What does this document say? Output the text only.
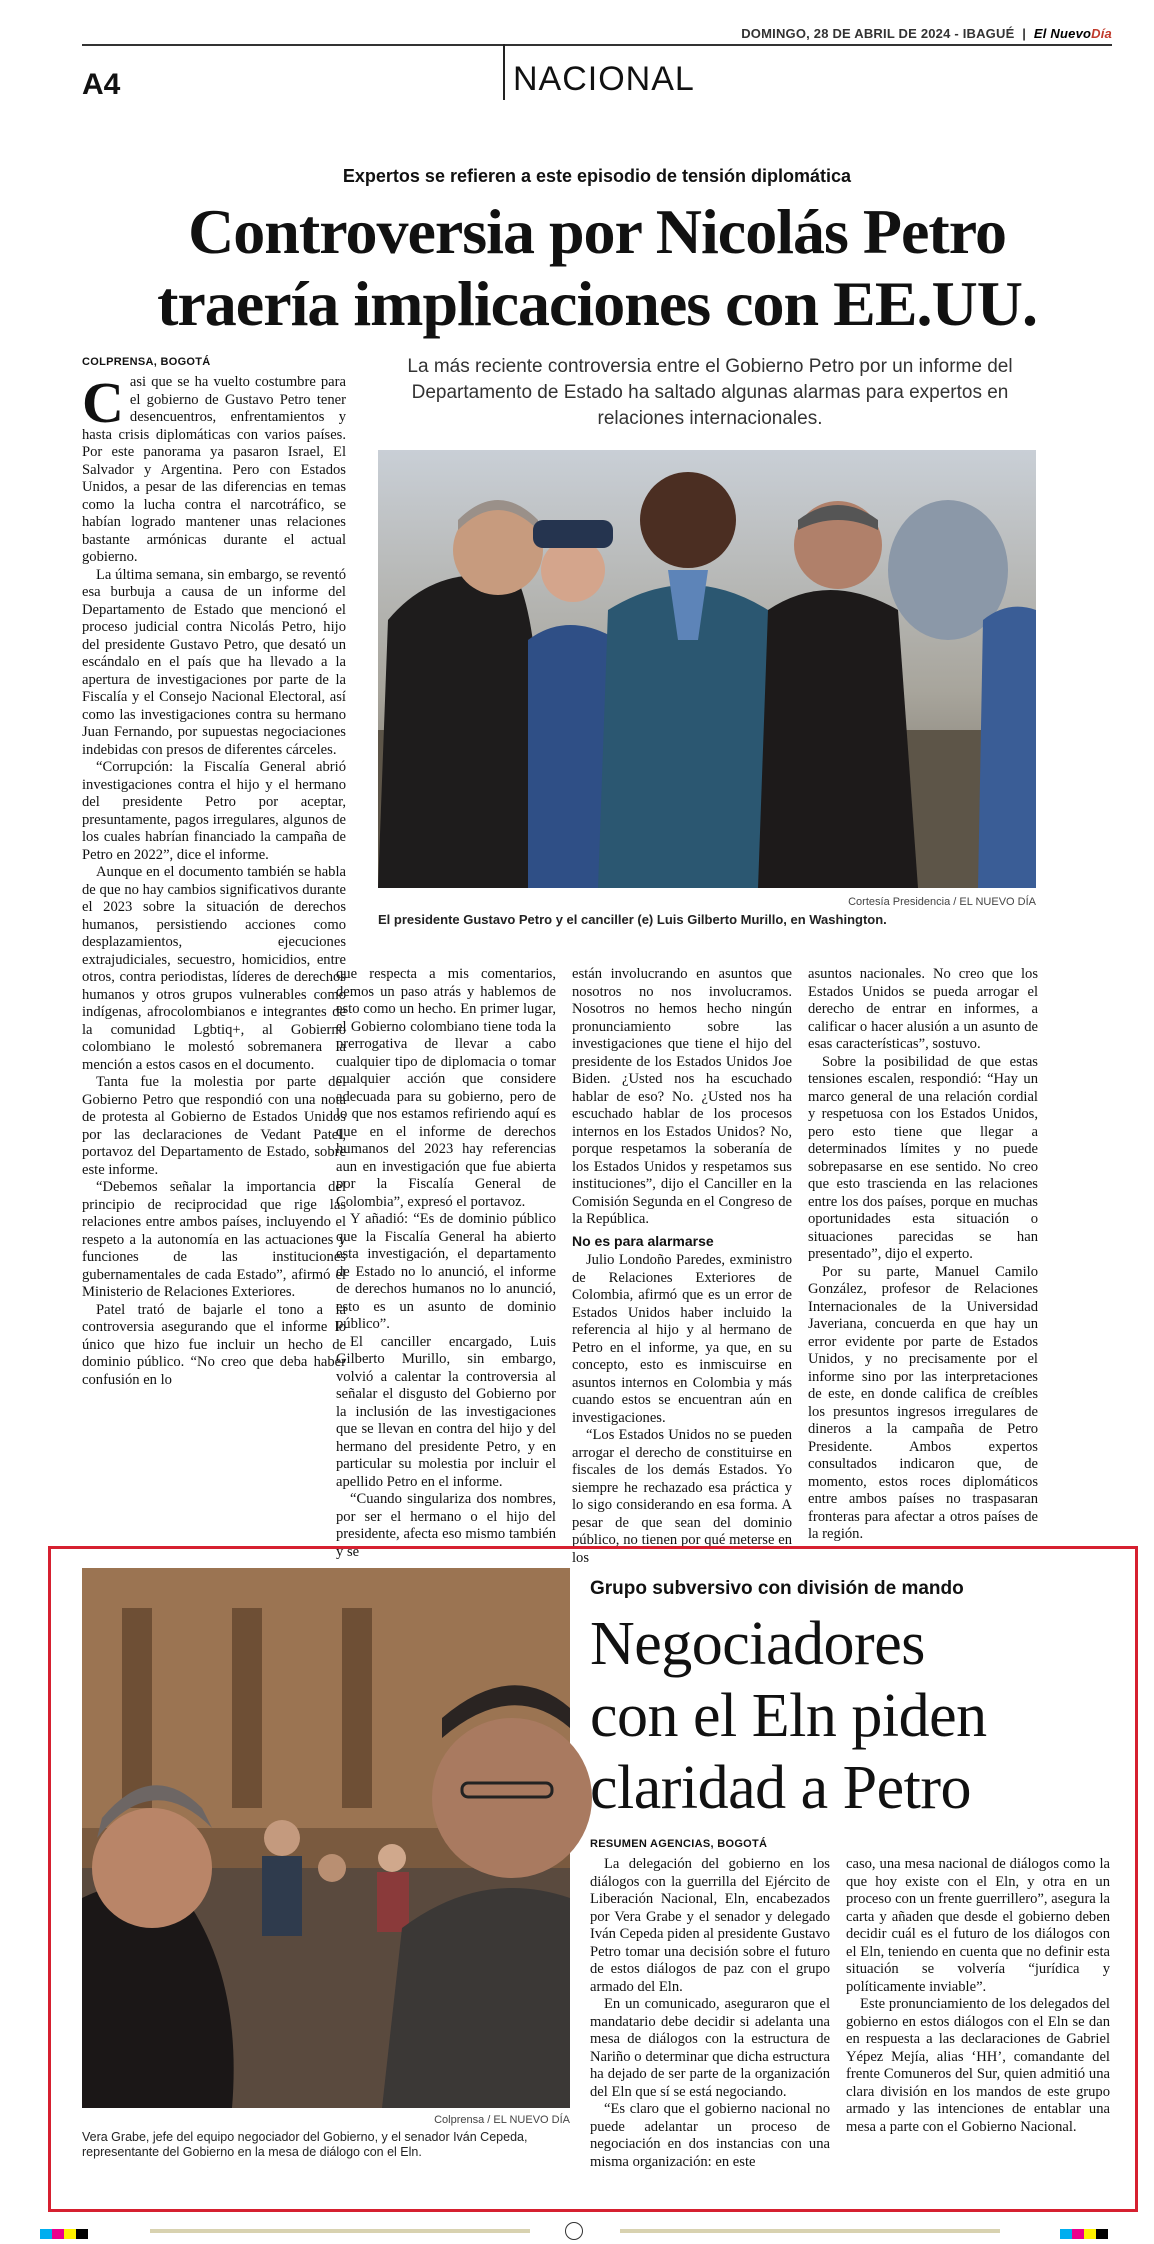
DOMINGO, 28 DE ABRIL DE 2024 - IBAGUÉ | El NuevoDía
A4	NACIONAL
Expertos se refieren a este episodio de tensión diplomática
Controversia por Nicolás Petro
traería implicaciones con EE.UU.
COLPRENSA, BOGOTÁ
C asi que se ha vuelto costumbre para el gobierno de Gustavo Petro tener desencuentros, enfrentamientos y hasta crisis diplomáticas con varios países. Por este panorama ya pasaron Israel, El Salvador y Argentina. Pero con Estados Unidos, a pesar de las diferencias en temas como la lucha contra el narcotráfico, se habían logrado mantener unas relaciones bastante armónicas durante el actual gobierno.

La última semana, sin embargo, se reventó esa burbuja a causa de un informe del Departamento de Estado que mencionó el proceso judicial contra Nicolás Petro, hijo del presidente Gustavo Petro, que desató un escándalo en el país que ha llevado a la apertura de investigaciones por parte de la Fiscalía y el Consejo Nacional Electoral, así como las investigaciones contra su hermano Juan Fernando, por supuestas negociaciones indebidas con presos de diferentes cárceles.

“Corrupción: la Fiscalía General abrió investigaciones contra el hijo y el hermano del presidente Petro por aceptar, presuntamente, pagos irregulares, algunos de los cuales habrían financiado la campaña de Petro en 2022”, dice el informe.

Aunque en el documento también se habla de que no hay cambios significativos durante el 2023 sobre la situación de derechos humanos, persistiendo acciones como desplazamientos, ejecuciones extrajudiciales, secuestro, homicidios, entre otros, contra periodistas, líderes de derechos humanos y otros grupos vulnerables como indígenas, afrocolombianos e integrantes de la comunidad Lgbtiq+, al Gobierno colombiano le molestó sobremanera la mención a estos casos en el documento.

Tanta fue la molestia por parte del Gobierno Petro que respondió con una nota de protesta al Gobierno de Estados Unidos por las declaraciones de Vedant Patel, portavoz del Departamento de Estado, sobre este informe.

“Debemos señalar la importancia del principio de reciprocidad que rige las relaciones entre ambos países, incluyendo el respeto a la autonomía en las actuaciones y funciones de las instituciones gubernamentales de cada Estado”, afirmó el Ministerio de Relaciones Exteriores.

Patel trató de bajarle el tono a la controversia asegurando que el informe lo único que hizo fue incluir un hecho de dominio público. “No creo que deba haber confusión en lo

La más reciente controversia entre el Gobierno Petro por un informe del Departamento de Estado ha saltado algunas alarmas para expertos en relaciones internacionales.
Cortesía Presidencia / EL NUEVO DÍA
El presidente Gustavo Petro y el canciller (e) Luis Gilberto Murillo, en Washington.

que respecta a mis comentarios, demos un paso atrás y hablemos de esto como un hecho. En primer lugar, el Gobierno colombiano tiene toda la prerrogativa de llevar a cabo cualquier tipo de diplomacia o tomar cualquier acción que considere adecuada para su gobierno, pero de lo que nos estamos refiriendo aquí es que en el informe de derechos humanos del 2023 hay referencias aun en investigación que fue abierta por la Fiscalía General de Colombia”, expresó el portavoz.

Y añadió: “Es de dominio público que la Fiscalía General ha abierto esta investigación, el departamento de Estado no lo anunció, el informe de derechos humanos no lo anunció, esto es un asunto de dominio público”.

El canciller encargado, Luis Gilberto Murillo, sin embargo, volvió a calentar la controversia al señalar el disgusto del Gobierno por la inclusión de las investigaciones que se llevan en contra del hijo y del hermano del presidente Petro, y en particular su molestia por incluir el apellido Petro en el informe.

“Cuando singulariza dos nombres, por ser el hermano o el hijo del presidente, afecta eso mismo también y se

están involucrando en asuntos que nosotros no nos involucramos. Nosotros no hemos hecho ningún pronunciamiento sobre las investigaciones que tiene el hijo del presidente de los Estados Unidos Joe Biden. ¿Usted nos ha escuchado hablar de eso? No. ¿Usted nos ha escuchado hablar de los procesos internos en los Estados Unidos? No, porque respetamos la soberanía de los Estados Unidos y respetamos sus instituciones”, dijo el Canciller en la Comisión Segunda en el Congreso de la República.

No es para alarmarse

Julio Londoño Paredes, exministro de Relaciones Exteriores de Colombia, afirmó que es un error de Estados Unidos haber incluido la referencia al hijo y al hermano de Petro en el informe, ya que, en su concepto, esto es inmiscuirse en asuntos internos en Colombia y más cuando estos se encuentran aún en investigaciones.

“Los Estados Unidos no se pueden arrogar el derecho de constituirse en fiscales de los demás Estados. Yo siempre he rechazado esa práctica y lo sigo considerando en esa forma. A pesar de que sean del dominio público, no tienen por qué meterse en los

asuntos nacionales. No creo que los Estados Unidos se pueda arrogar el derecho de entrar en informes, a calificar o hacer alusión a un asunto de esas características”, sostuvo.

Sobre la posibilidad de que estas tensiones escalen, respondió: “Hay un marco general de una relación cordial y respetuosa con los Estados Unidos, pero esto tiene que llegar a determinados límites y no puede sobrepasarse en ese sentido. No creo que esto trascienda en las relaciones entre los dos países, porque en muchas oportunidades esta situación o situaciones parecidas se han presentado”, dijo el experto.

Por su parte, Manuel Camilo González, profesor de Relaciones Internacionales de la Universidad Javeriana, concuerda en que hay un error evidente por parte de Estados Unidos, y no precisamente por el informe sino por las interpretaciones de este, en donde califica de creíbles los presuntos ingresos irregulares de dineros a la campaña de Petro Presidente. Ambos expertos consultados indicaron que, de momento, estos roces diplomáticos entre ambos países no traspasaran fronteras para afectar a otros países de la región.

Colprensa / EL NUEVO DÍA
Vera Grabe, jefe del equipo negociador del Gobierno, y el senador Iván Cepeda, representante del Gobierno en la mesa de diálogo con el Eln.
Grupo subversivo con división de mando
Negociadores
con el Eln piden
claridad a Petro
RESUMEN AGENCIAS, BOGOTÁ

La delegación del gobierno en los diálogos con la guerrilla del Ejército de Liberación Nacional, Eln, encabezados por Vera Grabe y el senador y delegado Iván Cepeda piden al presidente Gustavo Petro tomar una decisión sobre el futuro de estos diálogos de paz con el grupo armado del Eln.

En un comunicado, aseguraron que el mandatario debe decidir si adelanta una mesa de diálogos con la estructura de Nariño o determinar que dicha estructura ha dejado de ser parte de la organización del Eln que sí se está negociando.

“Es claro que el gobierno nacional no puede adelantar un proceso de negociación en dos instancias con una misma organización: en este

caso, una mesa nacional de diálogos como la que hoy existe con el Eln, y otra en un proceso con un frente guerrillero”, asegura la carta y añaden que desde el gobierno deben decidir cuál es el futuro de los diálogos con el Eln, teniendo en cuenta que no definir esta situación se volvería “jurídica y políticamente inviable”.

Este pronunciamiento de los delegados del gobierno en estos diálogos con el Eln se dan en respuesta a las declaraciones de Gabriel Yépez Mejía, alias ‘HH’, comandante del frente Comuneros del Sur, quien admitió una clara división en los mandos de este grupo armado y las intenciones de entablar una mesa a parte con el Gobierno Nacional.
